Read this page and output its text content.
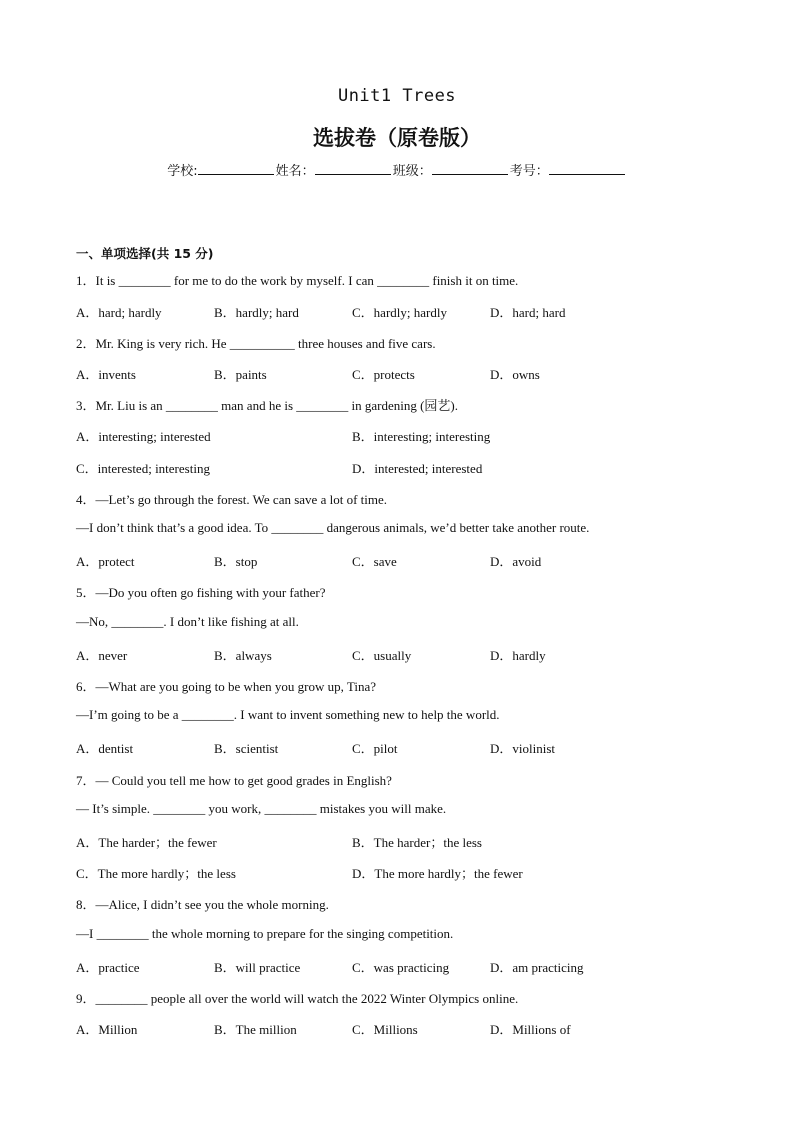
Unit1 Trees
选拔卷（原卷版）
学校:	姓名：	班级：	考号：
一、单项选择(共 15 分)
1．It is ________ for me to do the work by myself. I can ________ finish it on time.
A．hard; hardly	B．hardly; hard	C．hardly; hardly	D．hard; hard
2．Mr. King is very rich. He __________ three houses and five cars.
A．invents	B．paints	C．protects	D．owns
3．Mr. Liu is an ________ man and he is ________ in gardening (园艺).
A．interesting; interested	B．interesting; interesting
C．interested; interesting	D．interested; interested
4．—Let’s go through the forest. We can save a lot of time.
—I don’t think that’s a good idea. To ________ dangerous animals, we’d better take another route.
A．protect	B．stop	C．save	D．avoid
5．—Do you often go fishing with your father?
—No, ________. I don’t like fishing at all.
A．never	B．always	C．usually	D．hardly
6．—What are you going to be when you grow up, Tina?
—I’m going to be a ________. I want to invent something new to help the world.
A．dentist	B．scientist	C．pilot	D．violinist
7．— Could you tell me how to get good grades in English?
— It’s simple. ________ you work, ________ mistakes you will make.
A．The harder；the fewer	B．The harder；the less
C．The more hardly；the less	D．The more hardly；the fewer
8．—Alice, I didn’t see you the whole morning.
—I ________ the whole morning to prepare for the singing competition.
A．practice	B．will practice	C．was practicing	D．am practicing
9．________ people all over the world will watch the 2022 Winter Olympics online.
A．Million	B．The million	C．Millions	D．Millions of
